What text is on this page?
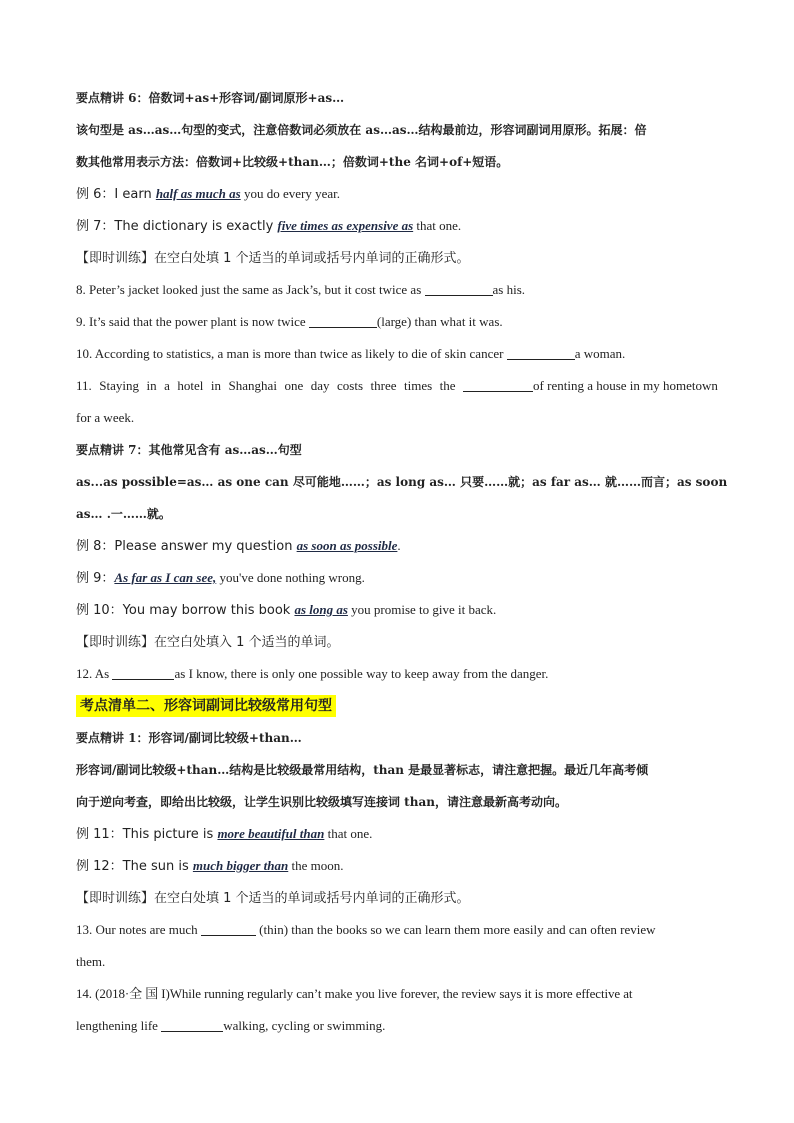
要点精讲 6：倍数词+as+形容词/副词原形+as…
该句型是 as…as…句型的变式，注意倍数词必须放在 as…as…结构最前边，形容词副词用原形。拓展：倍
数其他常用表示方法：倍数词+比较级+than…；倍数词+the 名词+of+短语。
例 6：I earn half as much as you do every year.
例 7：The dictionary is exactly five times as expensive as that one.
【即时训练】在空白处填 1 个适当的单词或括号内单词的正确形式。
8. Peter’s jacket looked just the same as Jack’s, but it cost twice as	as his.
9. It’s said that the power plant is now twice	(large) than what it was.
10. According to statistics, a man is more than twice as likely to die of skin cancer	a woman.
11. Staying in a hotel in Shanghai one day costs three times the	of renting a house in my hometown
for a week.
要点精讲 7：其他常见含有 as…as…句型
as...as possible=as… as one can 尽可能地……； as long as… 只要……就； as far as… 就……而言； as soon
as… .一……就。
例 8：Please answer my question as soon as possible.
例 9：As far as I can see, you've done nothing wrong.
例 10：You may borrow this book as long as you promise to give it back.
【即时训练】在空白处填入 1 个适当的单词。
12. As	as I know, there is only one possible way to keep away from the danger.
考点清单二、形容词副词比较级常用句型
要点精讲 1：形容词/副词比较级+than…
形容词/副词比较级+than…结构是比较级最常用结构，than 是最显著标志，请注意把握。最近几年高考倾
向于逆向考查，即给出比较级，让学生识别比较级填写连接词 than，请注意最新高考动向。
例 11：This picture is more beautiful than that one.
例 12：The sun is much bigger than the moon.
【即时训练】在空白处填 1 个适当的单词或括号内单词的正确形式。
13. Our notes are much	(thin) than the books so we can learn them more easily and can often review
them.
14. (2018·全 国 I)While running regularly can’t make you live forever, the review says it is more effective at
lengthening life	walking, cycling or swimming.
